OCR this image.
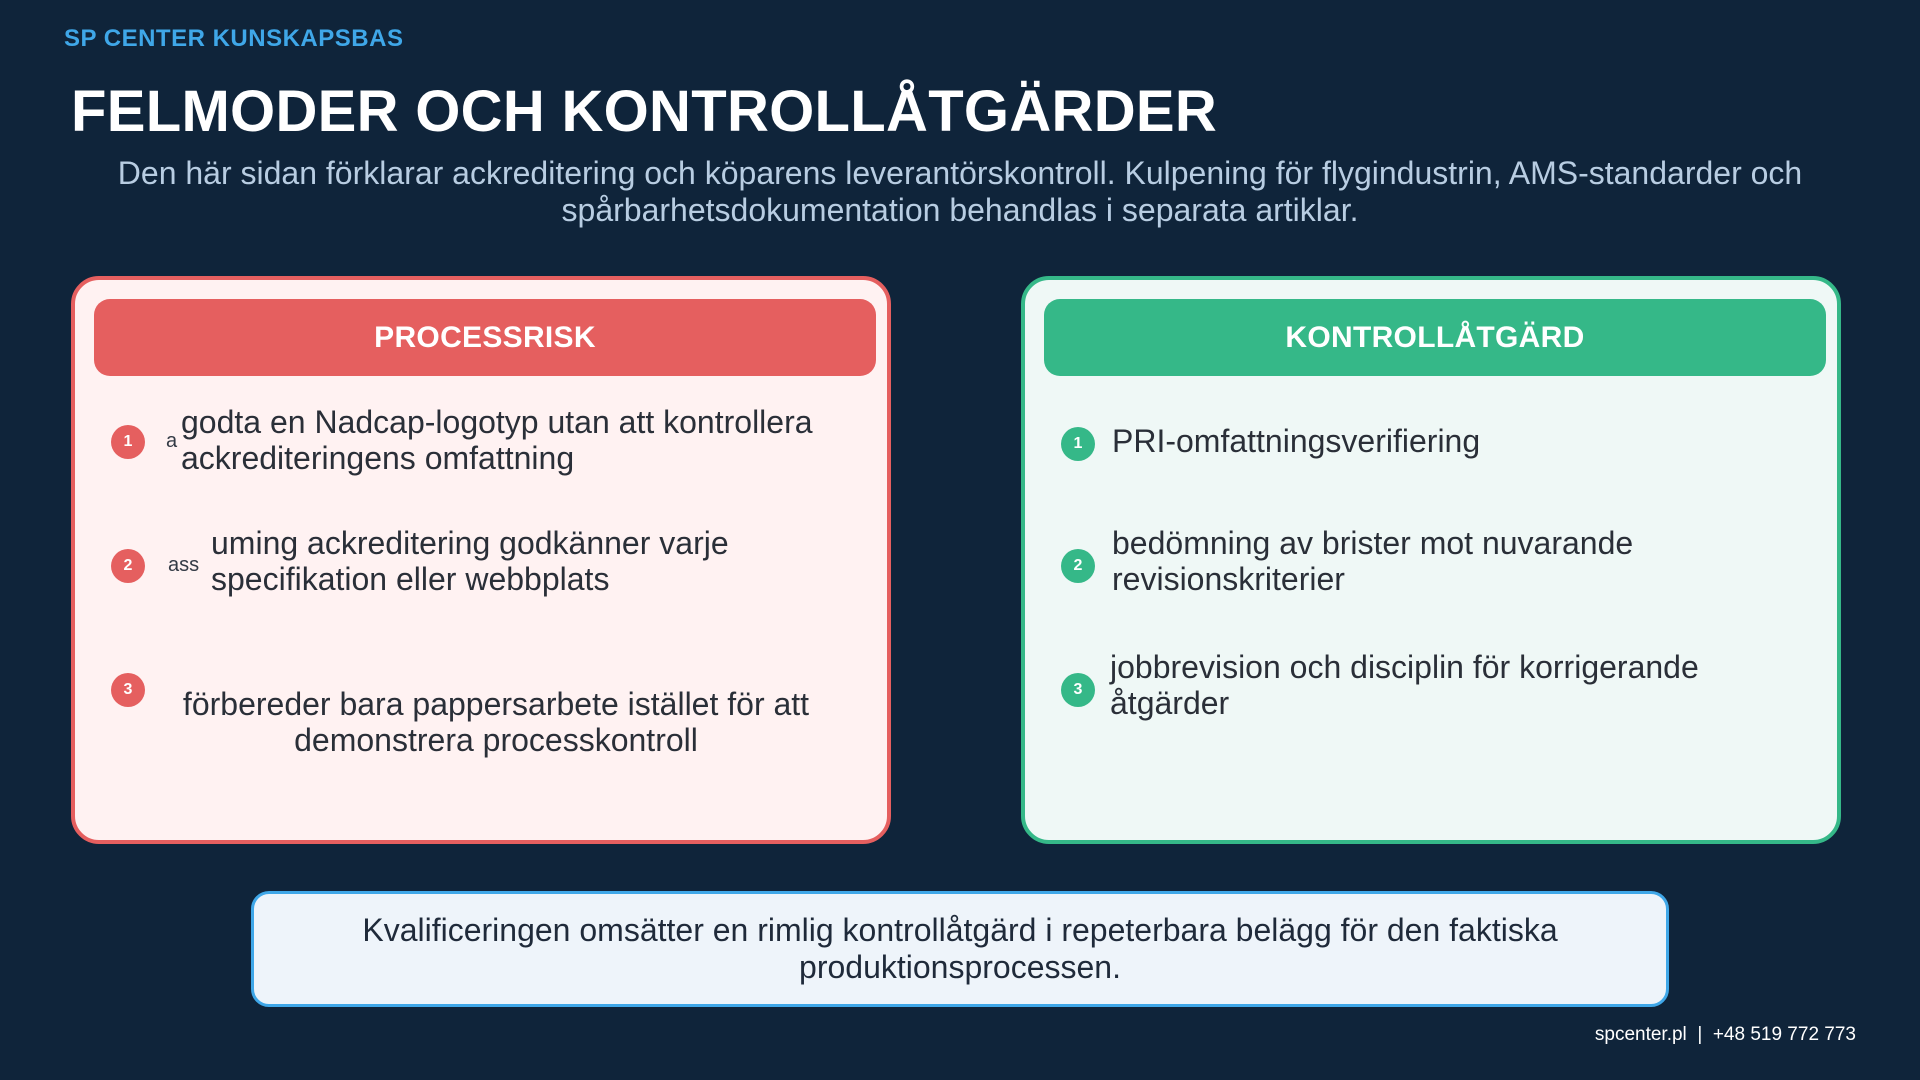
SP CENTER KUNSKAPSBAS
FELMODER OCH KONTROLLÅTGÄRDER
Den här sidan förklarar ackreditering och köparens leverantörskontroll. Kulpening för flygindustrin, AMS-standarder och spårbarhetsdokumentation behandlas i separata artiklar.
PROCESSRISK
1	a
godta en Nadcap-logotyp utan att kontrollera ackrediteringens omfattning
2	ass
uming ackreditering godkänner varje specifikation eller webbplats
3	förbereder bara pappersarbete istället för att demonstrera processkontroll
KONTROLLÅTGÄRD
1 PRI-omfattningsverifiering
2
bedömning av brister mot nuvarande revisionskriterier
3
jobbrevision och disciplin för korrigerande åtgärder
Kvalificeringen omsätter en rimlig kontrollåtgärd i repeterbara belägg för den faktiska produktionsprocessen.
spcenter.pl  |  +48 519 772 773
